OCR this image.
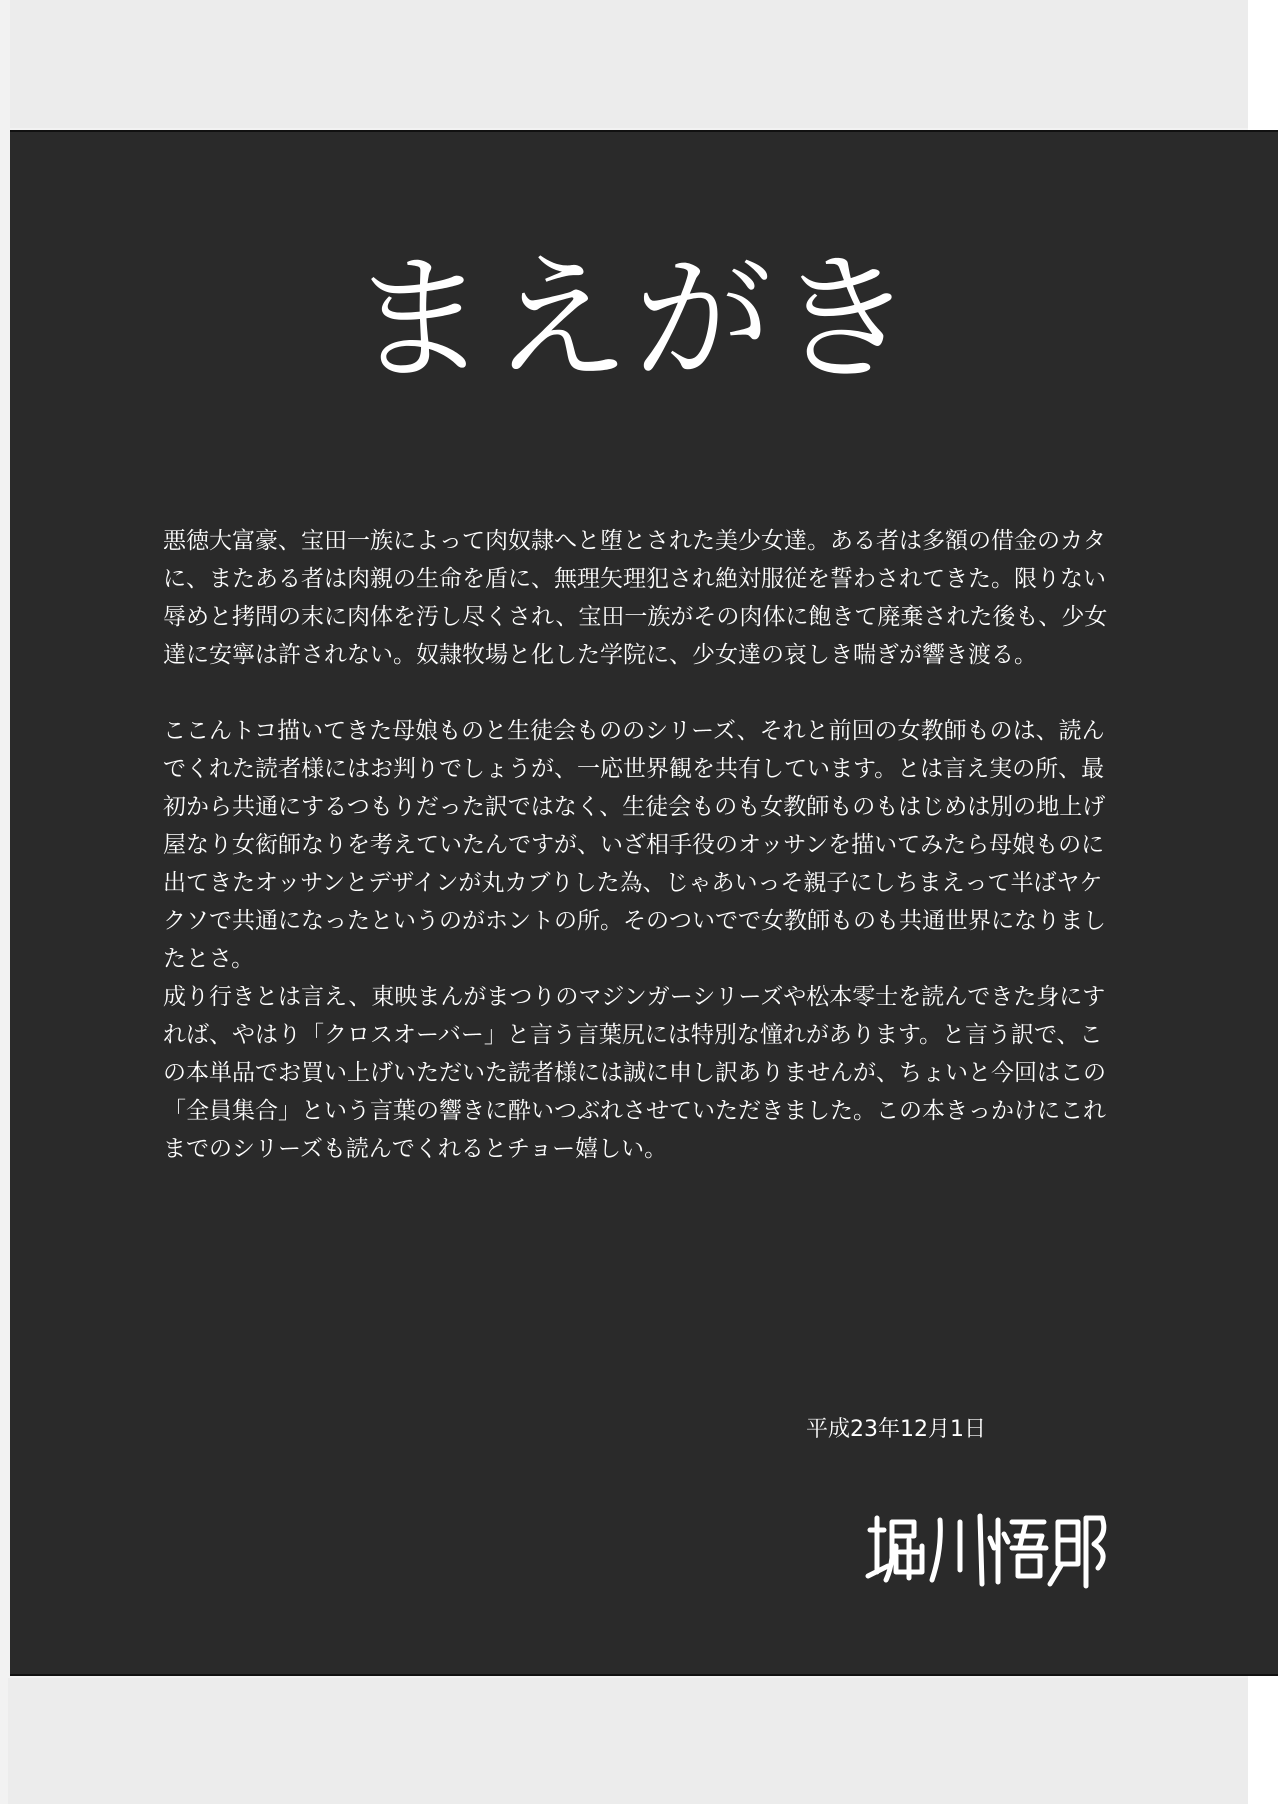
まえがき

悪徳大富豪、宝田一族によって肉奴隷へと堕とされた美少女達。ある者は多額の借金のカタに、またある者は肉親の生命を盾に、無理矢理犯され絶対服従を誓わされてきた。限りない辱めと拷問の末に肉体を汚し尽くされ、宝田一族がその肉体に飽きて廃棄された後も、少女達に安寧は許されない。奴隷牧場と化した学院に、少女達の哀しき喘ぎが響き渡る。

ここんトコ描いてきた母娘ものと生徒会もののシリーズ、それと前回の女教師ものは、読んでくれた読者様にはお判りでしょうが、一応世界観を共有しています。とは言え実の所、最初から共通にするつもりだった訳ではなく、生徒会ものも女教師ものもはじめは別の地上げ屋なり女衒師なりを考えていたんですが、いざ相手役のオッサンを描いてみたら母娘ものに出てきたオッサンとデザインが丸カブりした為、じゃあいっそ親子にしちまえって半ばヤケクソで共通になったというのがホントの所。そのついでで女教師ものも共通世界になりましたとさ。

成り行きとは言え、東映まんがまつりのマジンガーシリーズや松本零士を読んできた身にすれば、やはり「クロスオーバー」と言う言葉尻には特別な憧れがあります。と言う訳で、この本単品でお買い上げいただいた読者様には誠に申し訳ありませんが、ちょいと今回はこの「全員集合」という言葉の響きに酔いつぶれさせていただきました。この本きっかけにこれまでのシリーズも読んでくれるとチョー嬉しい。

平成23年12月1日
